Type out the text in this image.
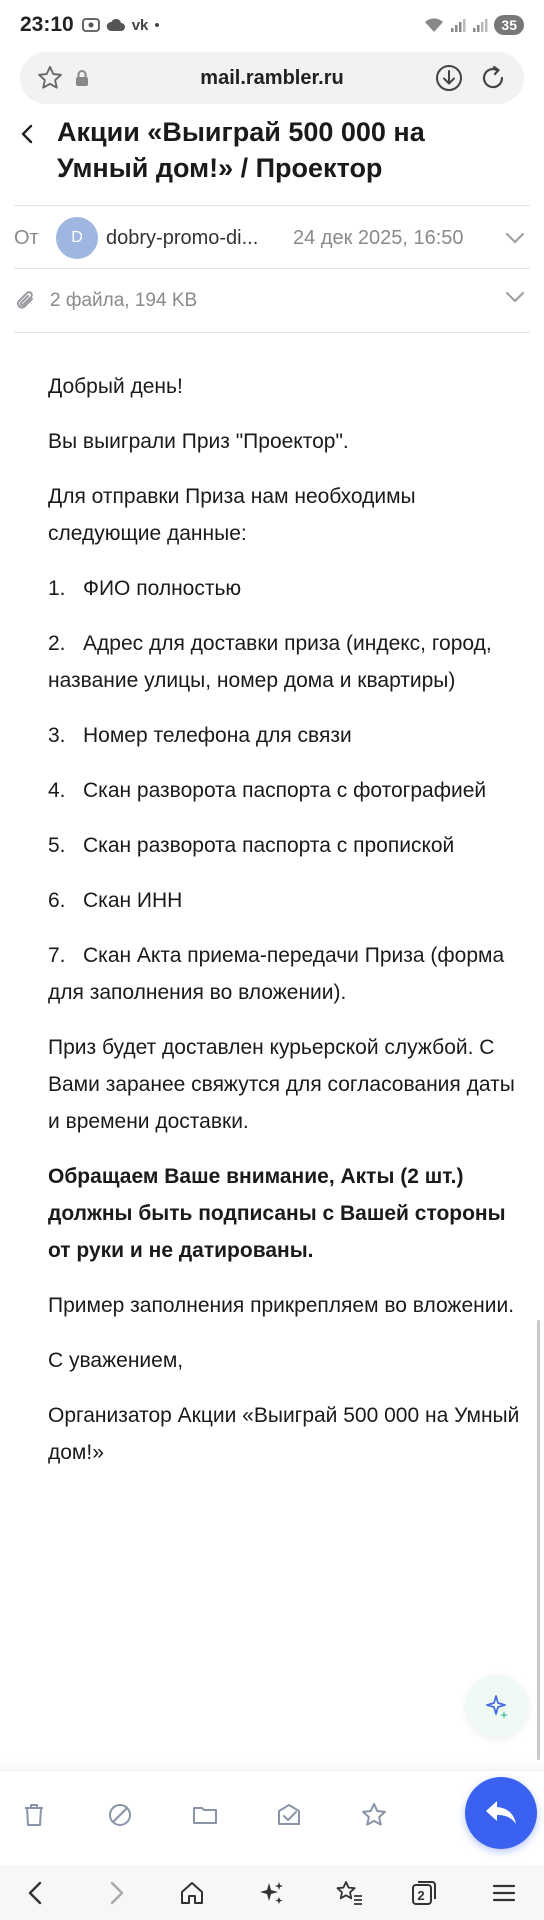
23:10	vk •	35
mail.rambler.ru
Акции «Выиграй 500 000 на Умный дом!» / Проектор
От	D	dobry-promo-di... 24 дек 2025, 16:50
2 файла, 194 KB

Добрый день!

Вы выиграли Приз "Проектор".

Для отправки Приза нам необходимы следующие данные:

1. ФИО полностью

2. Адрес для доставки приза (индекс, город, название улицы, номер дома и квартиры)

3. Номер телефона для связи

4. Скан разворота паспорта с фотографией

5. Скан разворота паспорта с пропиской

6. Скан ИНН

7. Скан Акта приема-передачи Приза (форма для заполнения во вложении).

Приз будет доставлен курьерской службой. С Вами заранее свяжутся для согласования даты и времени доставки.

Обращаем Ваше внимание, Акты (2 шт.) должны быть подписаны с Вашей стороны от руки и не датированы.

Пример заполнения прикрепляем во вложении.

С уважением,

Организатор Акции «Выиграй 500 000 на Умный дом!»

2
